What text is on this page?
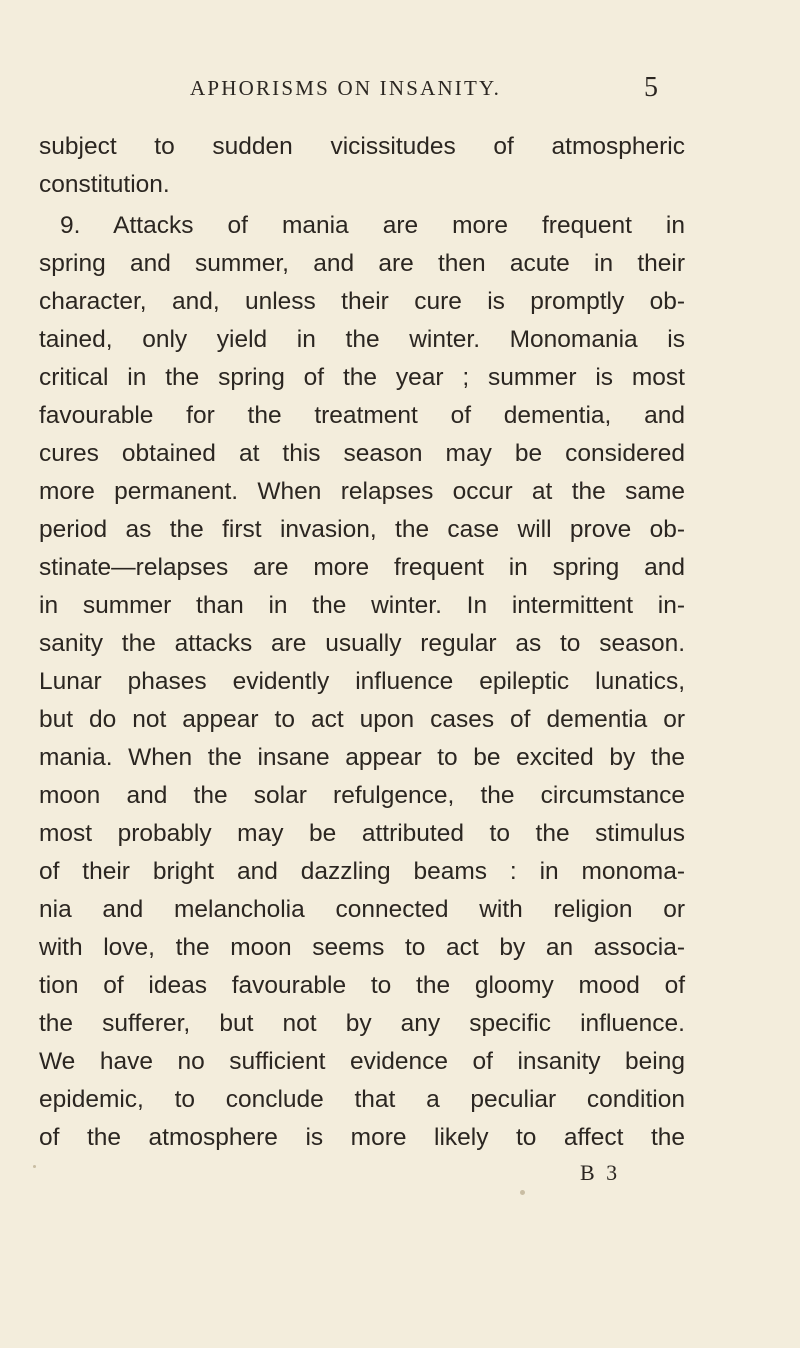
APHORISMS ON INSANITY.	5
subject to sudden vicissitudes of atmospheric
constitution.
9. Attacks of mania are more frequent in
spring and summer, and are then acute in their
character, and, unless their cure is promptly ob-
tained, only yield in the winter. Monomania is
critical in the spring of the year ; summer is most
favourable for the treatment of dementia, and
cures obtained at this season may be considered
more permanent. When relapses occur at the same
period as the first invasion, the case will prove ob-
stinate—relapses are more frequent in spring and
in summer than in the winter. In intermittent in-
sanity the attacks are usually regular as to season.
Lunar phases evidently influence epileptic lunatics,
but do not appear to act upon cases of dementia or
mania. When the insane appear to be excited by the
moon and the solar refulgence, the circumstance
most probably may be attributed to the stimulus
of their bright and dazzling beams : in monoma-
nia and melancholia connected with religion or
with love, the moon seems to act by an associa-
tion of ideas favourable to the gloomy mood of
the sufferer, but not by any specific influence.
We have no sufficient evidence of insanity being
epidemic, to conclude that a peculiar condition
of the atmosphere is more likely to affect the
B 3
